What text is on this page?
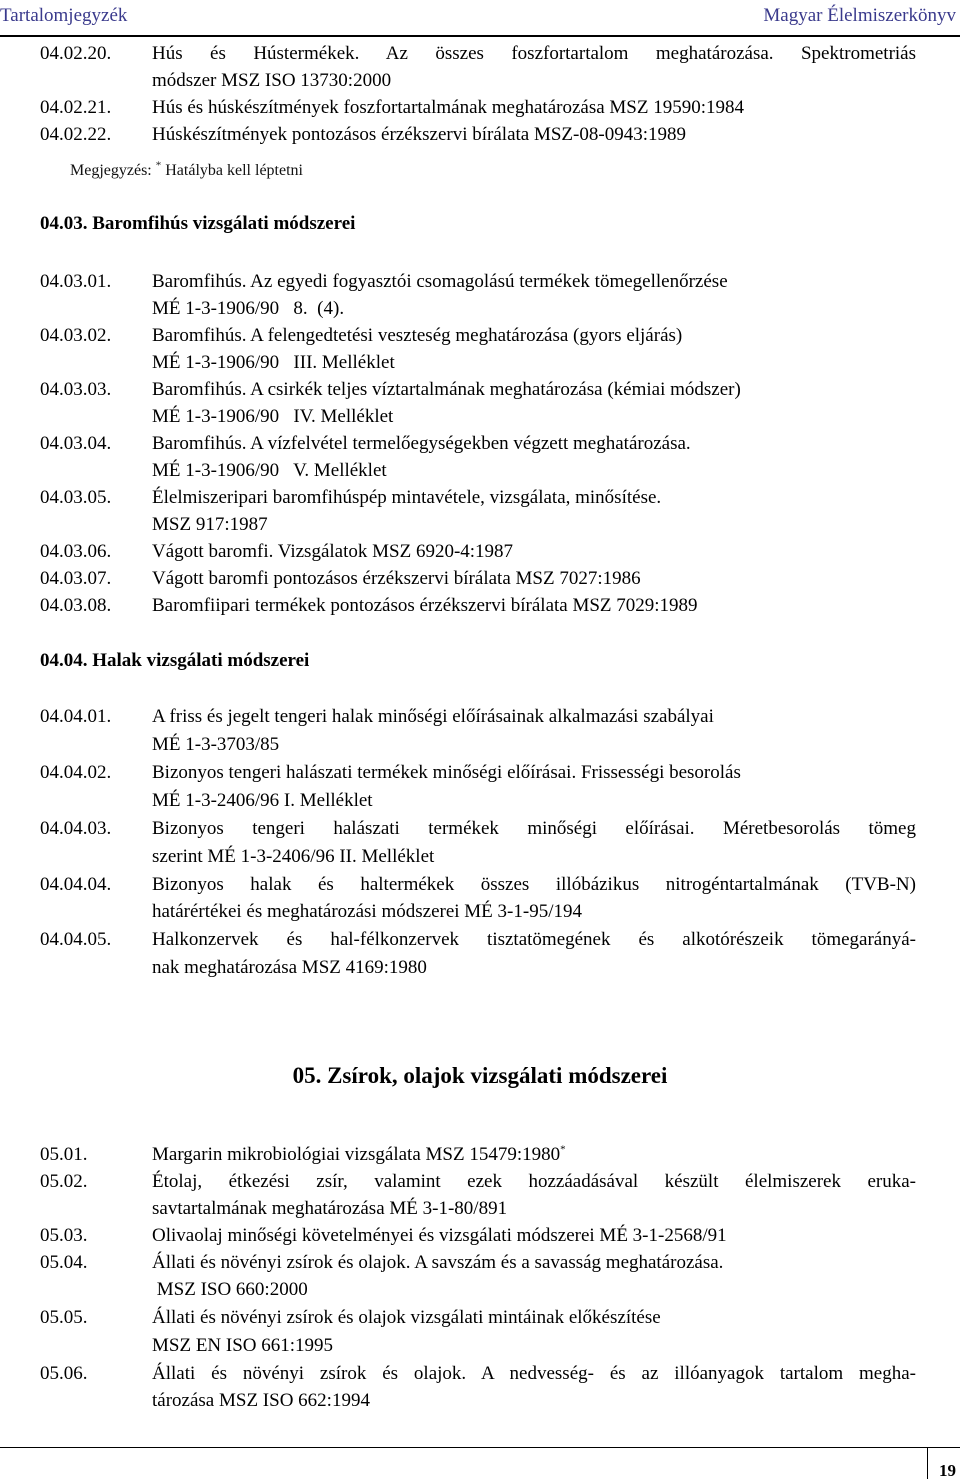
Tartalomjegyzék	Magyar Élelmiszerkönyv
04.02.20. Hús és Hústermékek. Az összes foszfortartalom meghatározása. Spektrometriás
módszer MSZ ISO 13730:2000
04.02.21. Hús és húskészítmények foszfortartalmának meghatározása MSZ 19590:1984
04.02.22. Húskészítmények pontozásos érzékszervi bírálata MSZ-08-0943:1989
Megjegyzés: * Hatályba kell léptetni
04.03. Baromfihús vizsgálati módszerei
04.03.01. Baromfihús. Az egyedi fogyasztói csomagolású termékek tömegellenőrzése
MÉ 1-3-1906/90   8.  (4).
04.03.02. Baromfihús. A felengedtetési veszteség meghatározása (gyors eljárás)
MÉ 1-3-1906/90   III. Melléklet
04.03.03. Baromfihús. A csirkék teljes víztartalmának meghatározása (kémiai módszer)
MÉ 1-3-1906/90   IV. Melléklet
04.03.04. Baromfihús. A vízfelvétel termelőegységekben végzett meghatározása.
MÉ 1-3-1906/90   V. Melléklet
04.03.05. Élelmiszeripari baromfihúspép mintavétele, vizsgálata, minősítése.
MSZ 917:1987
04.03.06. Vágott baromfi. Vizsgálatok MSZ 6920-4:1987
04.03.07. Vágott baromfi pontozásos érzékszervi bírálata MSZ 7027:1986
04.03.08. Baromfiipari termékek pontozásos érzékszervi bírálata MSZ 7029:1989
04.04. Halak vizsgálati módszerei
04.04.01. A friss és jegelt tengeri halak minőségi előírásainak alkalmazási szabályai
MÉ 1-3-3703/85
04.04.02. Bizonyos tengeri halászati termékek minőségi előírásai. Frissességi besorolás
MÉ 1-3-2406/96 I. Melléklet
04.04.03. Bizonyos tengeri halászati termékek minőségi előírásai. Méretbesorolás tömeg
szerint MÉ 1-3-2406/96 II. Melléklet
04.04.04. Bizonyos halak és haltermékek összes illóbázikus nitrogéntartalmának (TVB-N)
határértékei és meghatározási módszerei MÉ 3-1-95/194
04.04.05. Halkonzervek és hal-félkonzervek tisztatömegének és alkotórészeik tömegarányá-
nak meghatározása MSZ 4169:1980
05. Zsírok, olajok vizsgálati módszerei
05.01.	Margarin mikrobiológiai vizsgálata MSZ 15479:1980*
05.02.	Étolaj, étkezési zsír, valamint ezek hozzáadásával készült élelmiszerek eruka-
savtartalmának meghatározása MÉ 3-1-80/891
05.03.	Olivaolaj minőségi követelményei és vizsgálati módszerei MÉ 3-1-2568/91
05.04.	Állati és növényi zsírok és olajok. A savszám és a savasság meghatározása.
MSZ ISO 660:2000
05.05.	Állati és növényi zsírok és olajok vizsgálati mintáinak előkészítése
MSZ EN ISO 661:1995
05.06.	Állati és növényi zsírok és olajok. A nedvesség- és az illóanyagok tartalom megha-
tározása MSZ ISO 662:1994
19
